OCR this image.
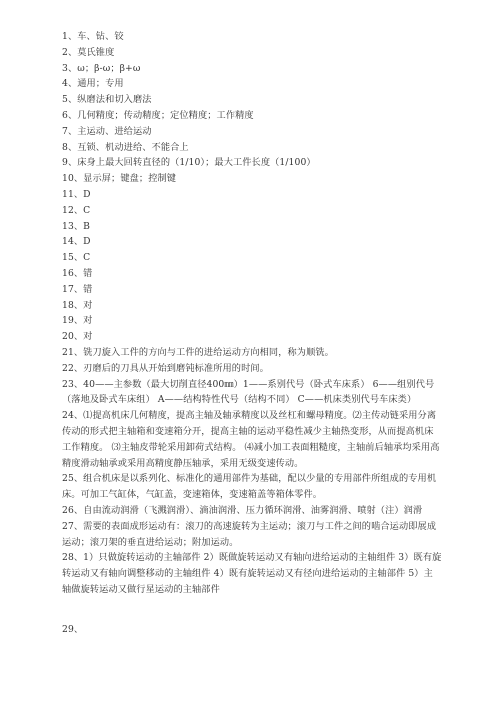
1、车、钻、铰
2、莫氏锥度
3、ω；β-ω；β+ω
4、通用；专用
5、纵磨法和切入磨法
6、几何精度；传动精度；定位精度；工作精度
7、主运动、进给运动
8、互锁、机动进给、不能合上
9、床身上最大回转直径的（1/10）；最大工件长度（1/100）
10、显示屏；键盘；控制键
11、D
12、C
13、B
14、D
15、C
16、错
17、错
18、对
19、对
20、对
21、铣刀旋入工件的方向与工件的进给运动方向相同，称为顺铣。
22、刃磨后的刀具从开始到磨钝标准所用的时间。
23、40——主参数（最大切削直径400㎜）1——系别代号（卧式车床系） 6——组别代号（落地及卧式车床组） A——结构特性代号（结构不同） C——机床类别代号车床类）
24、⑴提高机床几何精度，提高主轴及轴承精度以及丝杠和螺母精度。⑵主传动链采用分离传动的形式把主轴箱和变速箱分开，提高主轴的运动平稳性减少主轴热变形，从而提高机床工作精度。 ⑶主轴皮带轮采用卸荷式结构。 ⑷减小加工表面粗糙度，主轴前后轴承均采用高精度滑动轴承或采用高精度静压轴承，采用无级变速传动。
25、组合机床是以系列化、标准化的通用部件为基础，配以少量的专用部件所组成的专用机床。可加工气缸体，气缸盖，变速箱体，变速箱盖等箱体零件。
26、自由流动润滑（飞溅润滑）、滴油润滑、压力循环润滑、油雾润滑、喷射（注）润滑
27、需要的表面成形运动有：滚刀的高速旋转为主运动；滚刀与工件之间的啮合运动即展成运动；滚刀架的垂直进给运动；附加运动。
28、1）只做旋转运动的主轴部件 2）既做旋转运动又有轴向进给运动的主轴组件 3）既有旋转运动又有轴向调整移动的主轴组件 4）既有旋转运动又有径向进给运动的主轴部件 5）主轴做旋转运动又做行星运动的主轴部件
29、
